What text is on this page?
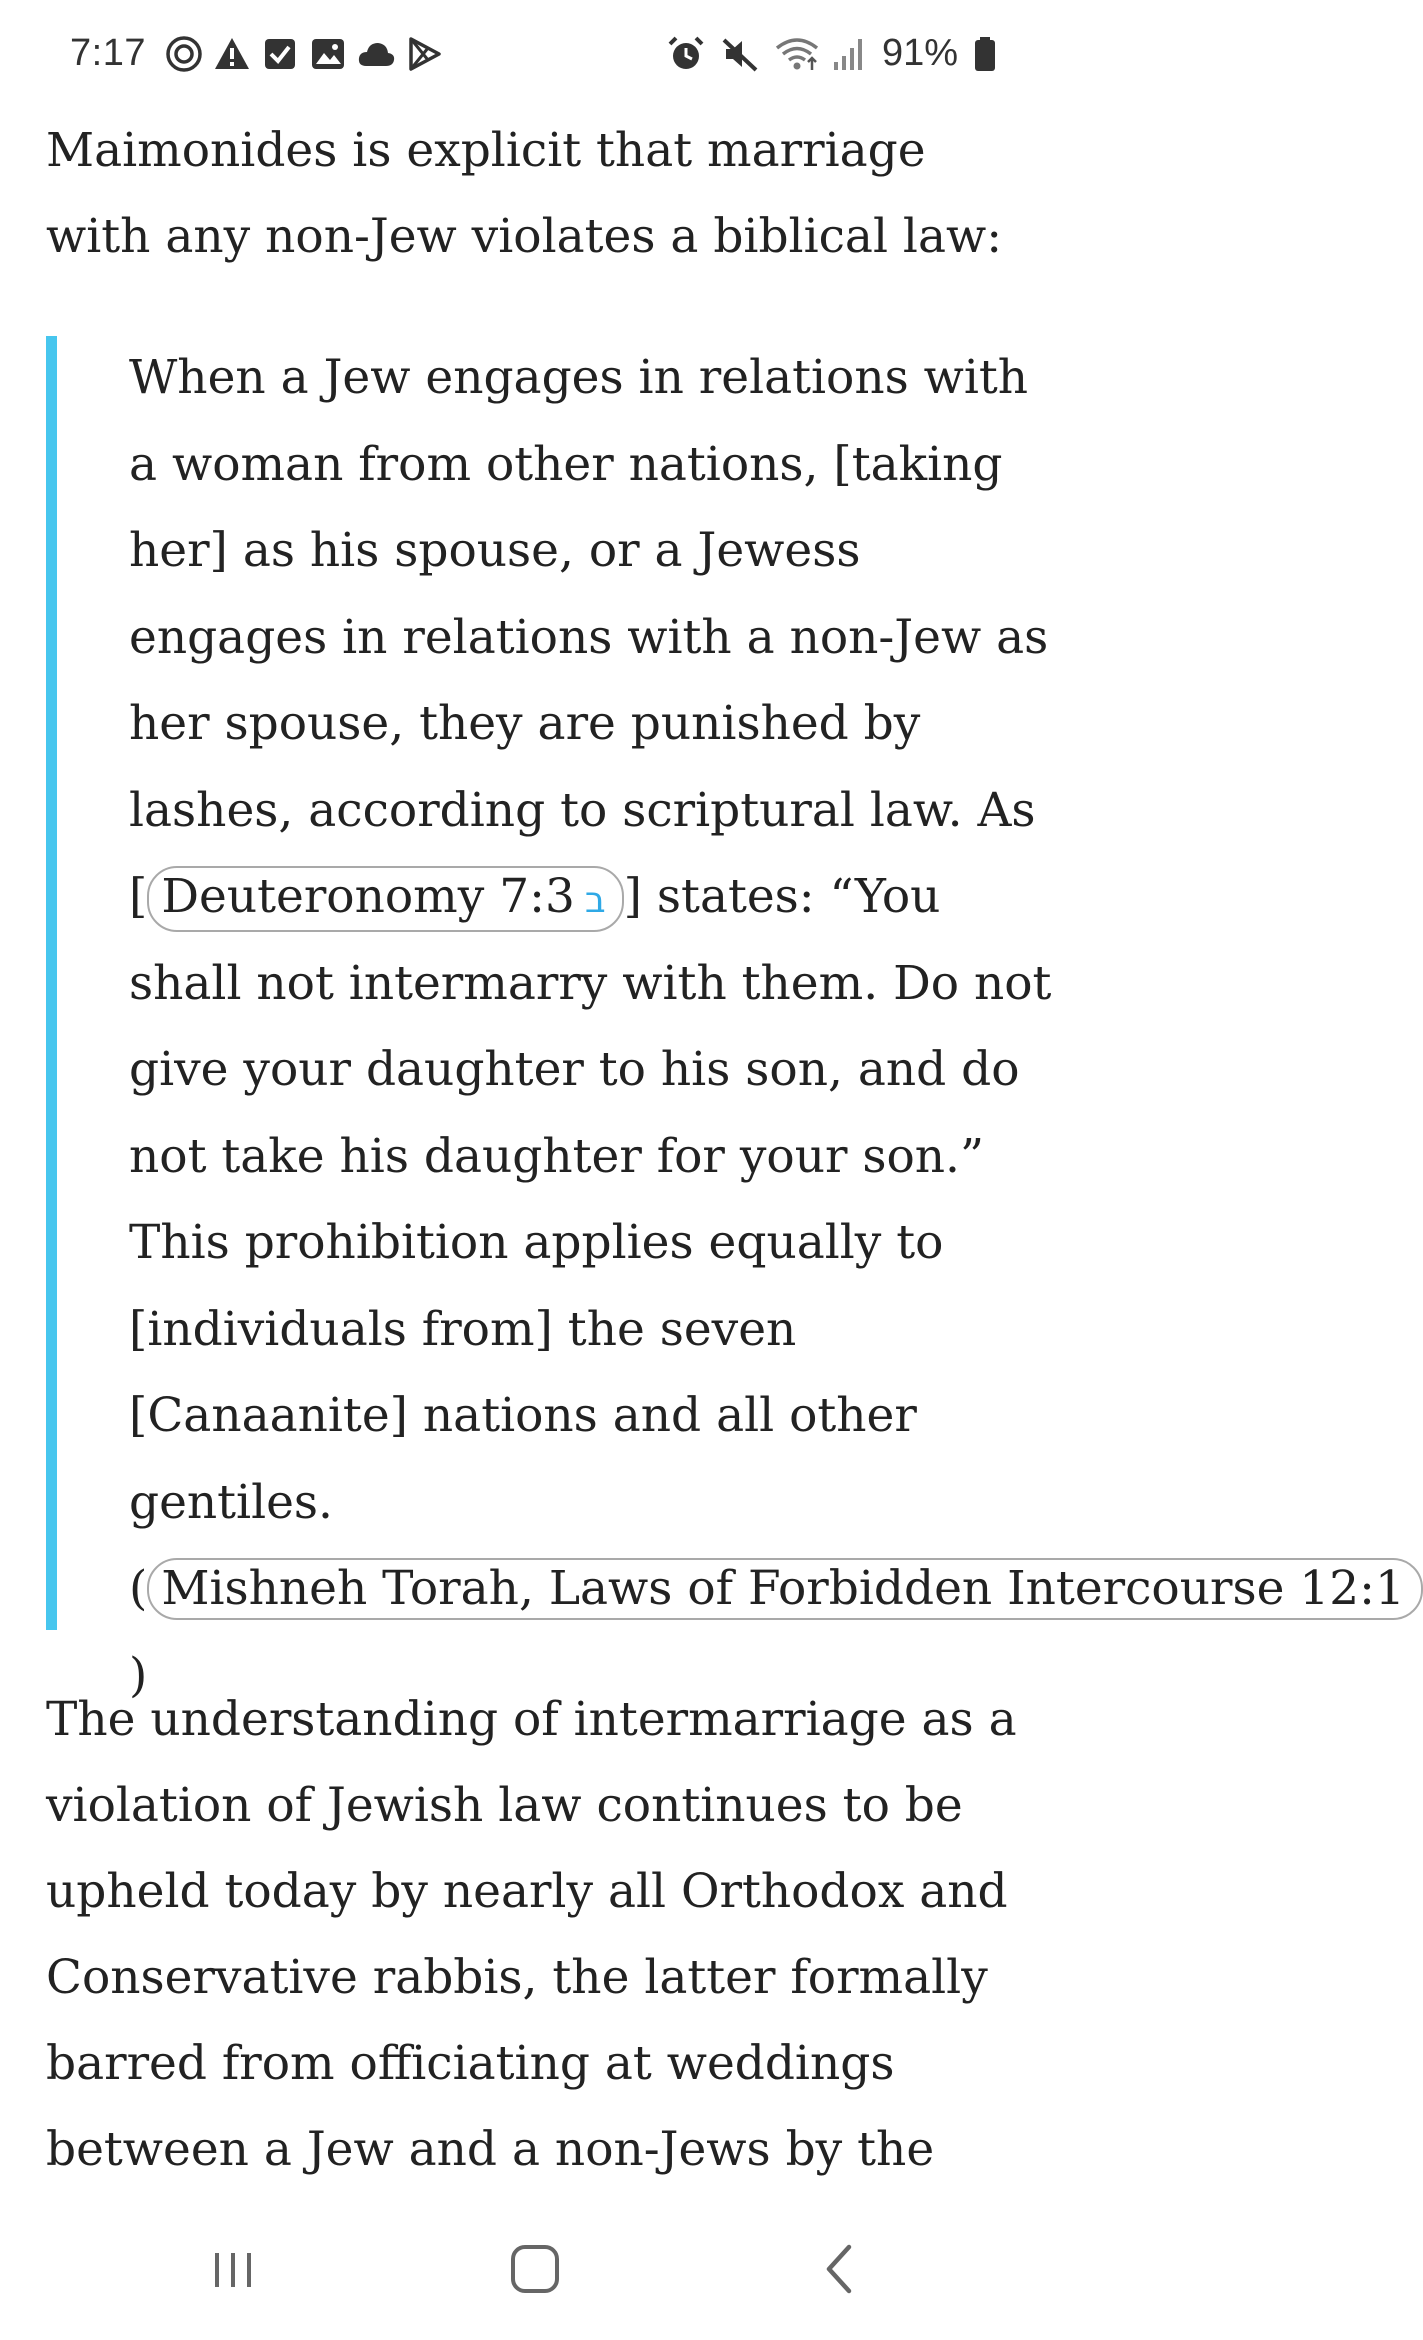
7:17	91%

Maimonides is explicit that marriage with any non-Jew violates a biblical law:

When a Jew engages in relations with a woman from other nations, [taking her] as his spouse, or a Jewess engages in relations with a non-Jew as her spouse, they are punished by lashes, according to scriptural law. As [ Deuteronomy 7:3 ב ] states: “You shall not intermarry with them. Do not give your daughter to his son, and do not take his daughter for your son.” This prohibition applies equally to [individuals from] the seven [Canaanite] nations and all other gentiles.
( Mishneh Torah, Laws of Forbidden Intercourse 12:1
)

The understanding of intermarriage as a violation of Jewish law continues to be upheld today by nearly all Orthodox and Conservative rabbis, the latter formally barred from officiating at weddings between a Jew and a non-Jews by the
